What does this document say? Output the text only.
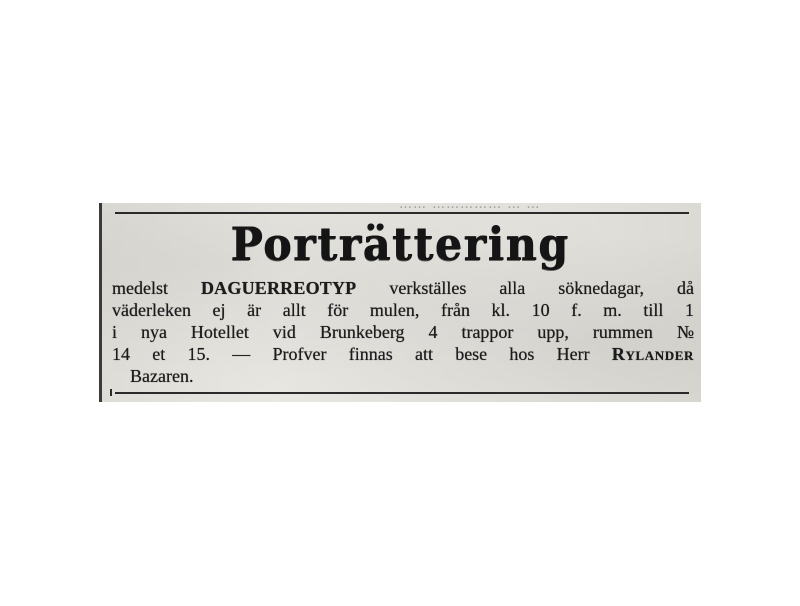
…… …………… … …
Porträttering
medelst DAGUERREOTYP verkställes alla söknedagar, då
väderleken ej är allt för mulen, från kl. 10 f. m. till 1
i nya Hotellet vid Brunkeberg 4 trappor upp, rummen №
14 et 15. — Profver finnas att bese hos Herr Rylander
Bazaren.
